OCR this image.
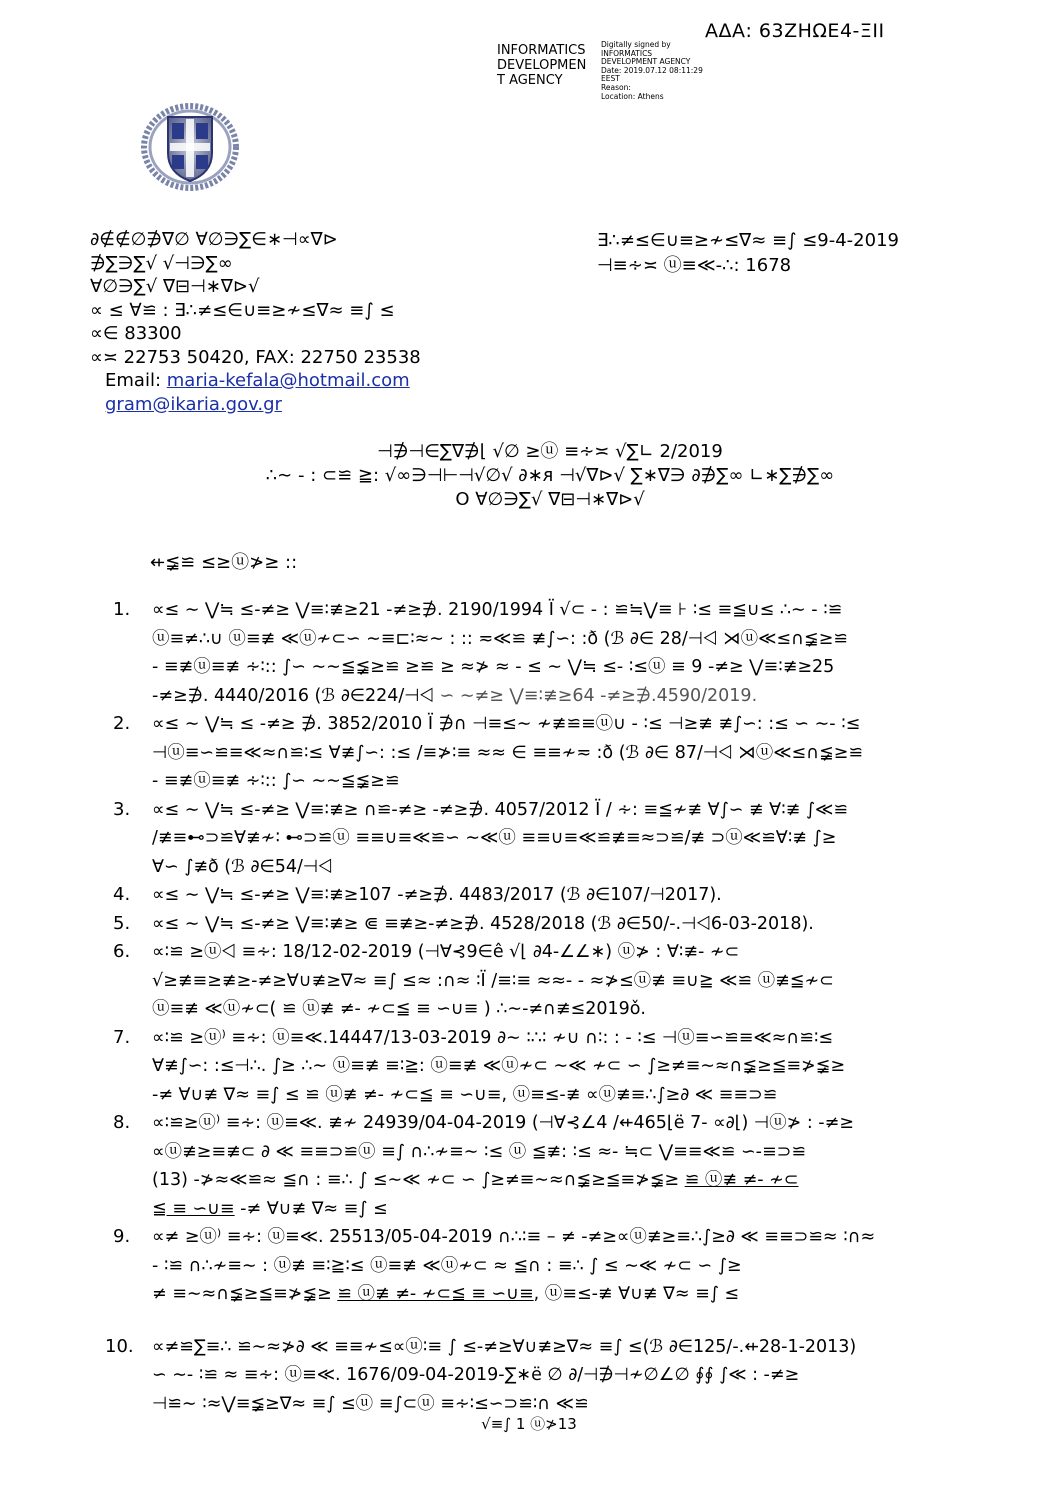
ΑΔΑ: 63ΖΗΩΕ4-ΞΙΙ
INFORMATICS
DEVELOPMEN
T AGENCY
Digitally signed by
INFORMATICS
DEVELOPMENT AGENCY
Date: 2019.07.12 08:11:29
EEST
Reason:
Location: Athens
∂∉∉∅∌∇∅ ∀∅∋∑∈∗⊣∝∇⊳
∌∑∋∑√ √⊣∋∑∞
∀∅∋∑√ ∇⊟⊣∗∇⊳√
∝ ≤ ∀≌ : ∃∴≠≤∈∪≡≥≁≤∇≈ ≡∫ ≤
∝∈ 83300
∝≍ 22753 50420, FAX: 22750 23538
Email: maria-kefala@hotmail.com
gram@ikaria.gov.gr
∃∴≠≤∈∪≡≥≁≤∇≈ ≡∫ ≤9-4-2019
⊣≡∻≍ ⓤ≡≪-∴: 1678
⊣∌⊣∈∑∇∌⌊ √∅ ≥ⓤ ≡∻≍ √∑∟ 2/2019
∴∼ - : ⊂≌ ≧: √∞∋⊣⊢⊣√∅√ ∂∗ᴙ ⊣√∇⊳√ ∑∗∇∋ ∂∌∑∞ ∟∗∑∌∑∞
Ο ∀∅∋∑√ ∇⊟⊣∗∇⊳√
⇷≨≌ ≤≥ⓤ≯≥ ::
1. ∝≤ ∼ ⋁≒ ≤-≠≥ ⋁≡∶≢≥21 -≠≥∌. 2190/1994 Ϊ √⊂ - : ≌≒⋁≡ ⊦ ∶≤ ≡≦∪≤ ∴∼ - ∶≌
ⓤ≡≠∴∪ ⓤ≡≢ ≪ⓤ≁⊂∽ ∼≡⊏∶≈∼ : :: ≂≪≌ ≢∫∽: :ð (ℬ ∂∈ 28/⊣⨞ ⋊ⓤ≪≤∩≨≥≌
- ≡≢ⓤ≡≢ ∻∶:: ∫∽ ∼∼≦≨≥≌ ≥≌ ≥ ≈≯ ≈ - ≤ ∼ ⋁≒ ≤- ∶≤ⓤ ≡ 9 -≠≥ ⋁≡∶≢≥25
-≠≥∌. 4440/2016 (ℬ ∂∈224/⊣⨞ ∽ ∼≠≥ ⋁≡∶≢≥64 -≠≥∌.4590/2019.
2. ∝≤ ∼ ⋁≒ ≤ -≠≥ ∌. 3852/2010 Ϊ ∌∩ ⊣≡≤∼ ≁≢≌≡ⓤ∪ - ∶≤ ⊣≥≢ ≢∫∽: :≤ ∽ ∼- ∶≤
⊣ⓤ≡∽≌≡≪≈∩≌∶≤ ∀≢∫∽: :≤ /≡≯∶≡ ≈≈ ∈ ≡≡≁≂ :ð (ℬ ∂∈ 87/⊣⨞ ⋊ⓤ≪≤∩≨≥≌
- ≡≢ⓤ≡≢ ∻∶:: ∫∽ ∼∼≦≨≥≌
3. ∝≤ ∼ ⋁≒ ≤-≠≥ ⋁≡∶≢≥ ∩≌-≠≥ -≠≥∌. 4057/2012 Ϊ / ∻: ≡≦≁≢ ∀∫∽ ≢ ∀∶≢ ∫≪≌
/≢≡⊷⊃≌∀≢≁∶ ⊷⊃≌ⓤ ≡≡∪≡≪≌∽ ∼≪ⓤ ≡≡∪≡≪≌≢≡≈⊃≌/≢ ⊃ⓤ≪≌∀∶≢ ∫≥
∀∽ ∫≢ð (ℬ ∂∈54/⊣⨞
4. ∝≤ ∼ ⋁≒ ≤-≠≥ ⋁≡∶≢≥107 -≠≥∌. 4483/2017 (ℬ ∂∈107/⊣2017).
5. ∝≤ ∼ ⋁≒ ≤-≠≥ ⋁≡∶≢≥ ⋐ ≡≢≥-≠≥∌. 4528/2018 (ℬ ∂∈50/-.⊣⨞6-03-2018).
6. ∝∶≌ ≥ⓤ⨞ ≡∻: 18/12-02-2019 (⊣∀⊰9∈ê √⌊ ∂4-∠∠∗) ⓤ≯ : ∀∶≢- ≁⊂
√≥≢≡≥≢≥-≠≥∀∪≢≥∇≈ ≡∫ ≤≈ :∩≈ ∶Ϊ /≡∶≡ ≈≈- - ≈≯≤ⓤ≢ ≡∪≧ ≪≌ ⓤ≢≦≁⊂
ⓤ≡≢ ≪ⓤ≁⊂( ≌ ⓤ≢ ≠- ≁⊂≦ ≡ ∽∪≡ ) ∴∼-≠∩≢≤2019ǒ.
7. ∝∶≌ ≥ⓤ⁾ ≡∻: ⓤ≡≪.14447/13-03-2019 ∂∼ ∶∴∶ ≁∪ ∩∶: : - ∶≤ ⊣ⓤ≡∽≌≡≪≈∩≌∶≤
∀≢∫∽: :≤⊣∴. ∫≥ ∴∼ ⓤ≡≢ ≡∶≧: ⓤ≡≢ ≪ⓤ≁⊂ ∼≪ ≁⊂ ∽ ∫≥≠≡∼≈∩≨≥≦≡≯≨≥
-≠ ∀∪≢ ∇≈ ≡∫ ≤ ≌ ⓤ≢ ≠- ≁⊂≦ ≡ ∽∪≡, ⓤ≡≤-≢ ∝ⓤ≢≡∴∫≥∂ ≪ ≡≡⊃≌
8. ∝∶≌≥ⓤ⁾ ≡∻: ⓤ≡≪. ≢≁ 24939/04-04-2019 (⊣∀⊰∠4 /⇷465⌊ë 7- ∝∂⌊) ⊣ⓤ≯ : -≠≥
∝ⓤ≢≥≡≢⊂ ∂ ≪ ≡≡⊃≌ⓤ ≡∫ ∩∴≁≡∼ ∶≤ ⓤ ≦≢: ∶≤ ≈- ≒⊂ ⋁≡≡≪≌ ∽-≡⊃≌
(13) -≯≈≪≌≈ ≦∩ : ≡∴ ∫ ≤∼≪ ≁⊂ ∽ ∫≥≠≡∼≈∩≨≥≦≡≯≨≥ ≌ ⓤ≢ ≠- ≁⊂
≦ ≡ ∽∪≡ -≠ ∀∪≢ ∇≈ ≡∫ ≤
9. ∝≠ ≥ⓤ⁾ ≡∻: ⓤ≡≪. 25513/05-04-2019 ∩∴∶≡ – ≠ -≠≥∝ⓤ≢≥≡∴∫≥∂ ≪ ≡≡⊃≌≈ ∶∩≈
- ∶≌ ∩∴≁≡∼ : ⓤ≢ ≡∶≧∶≤ ⓤ≡≢ ≪ⓤ≁⊂ ≈ ≦∩ : ≡∴ ∫ ≤ ∼≪ ≁⊂ ∽ ∫≥
≠ ≡∼≈∩≨≥≦≡≯≨≥ ≌ ⓤ≢ ≠- ≁⊂≦ ≡ ∽∪≡, ⓤ≡≤-≢ ∀∪≢ ∇≈ ≡∫ ≤
10. ∝≠≌∑≡∴ ≌∼≈≯∂ ≪ ≡≡≁≤∝ⓤ∶≡ ∫ ≤-≠≥∀∪≢≥∇≈ ≡∫ ≤(ℬ ∂∈125/-.⇷28-1-2013)
∽ ∼- ∶≌ ≈ ≡∻: ⓤ≡≪. 1676/09-04-2019-∑∗ë ∅ ∂/⊣∌⊣≁∅∠∅ ∮∮ ∫≪ : -≠≥
⊣≌∼ ∶≈⋁≡≨≥∇≈ ≡∫ ≤ⓤ ≡∫⊂ⓤ ≡∻∶≤∽⊃≌∶∩ ≪≌
√≡∫ 1 ⓤ≯13
